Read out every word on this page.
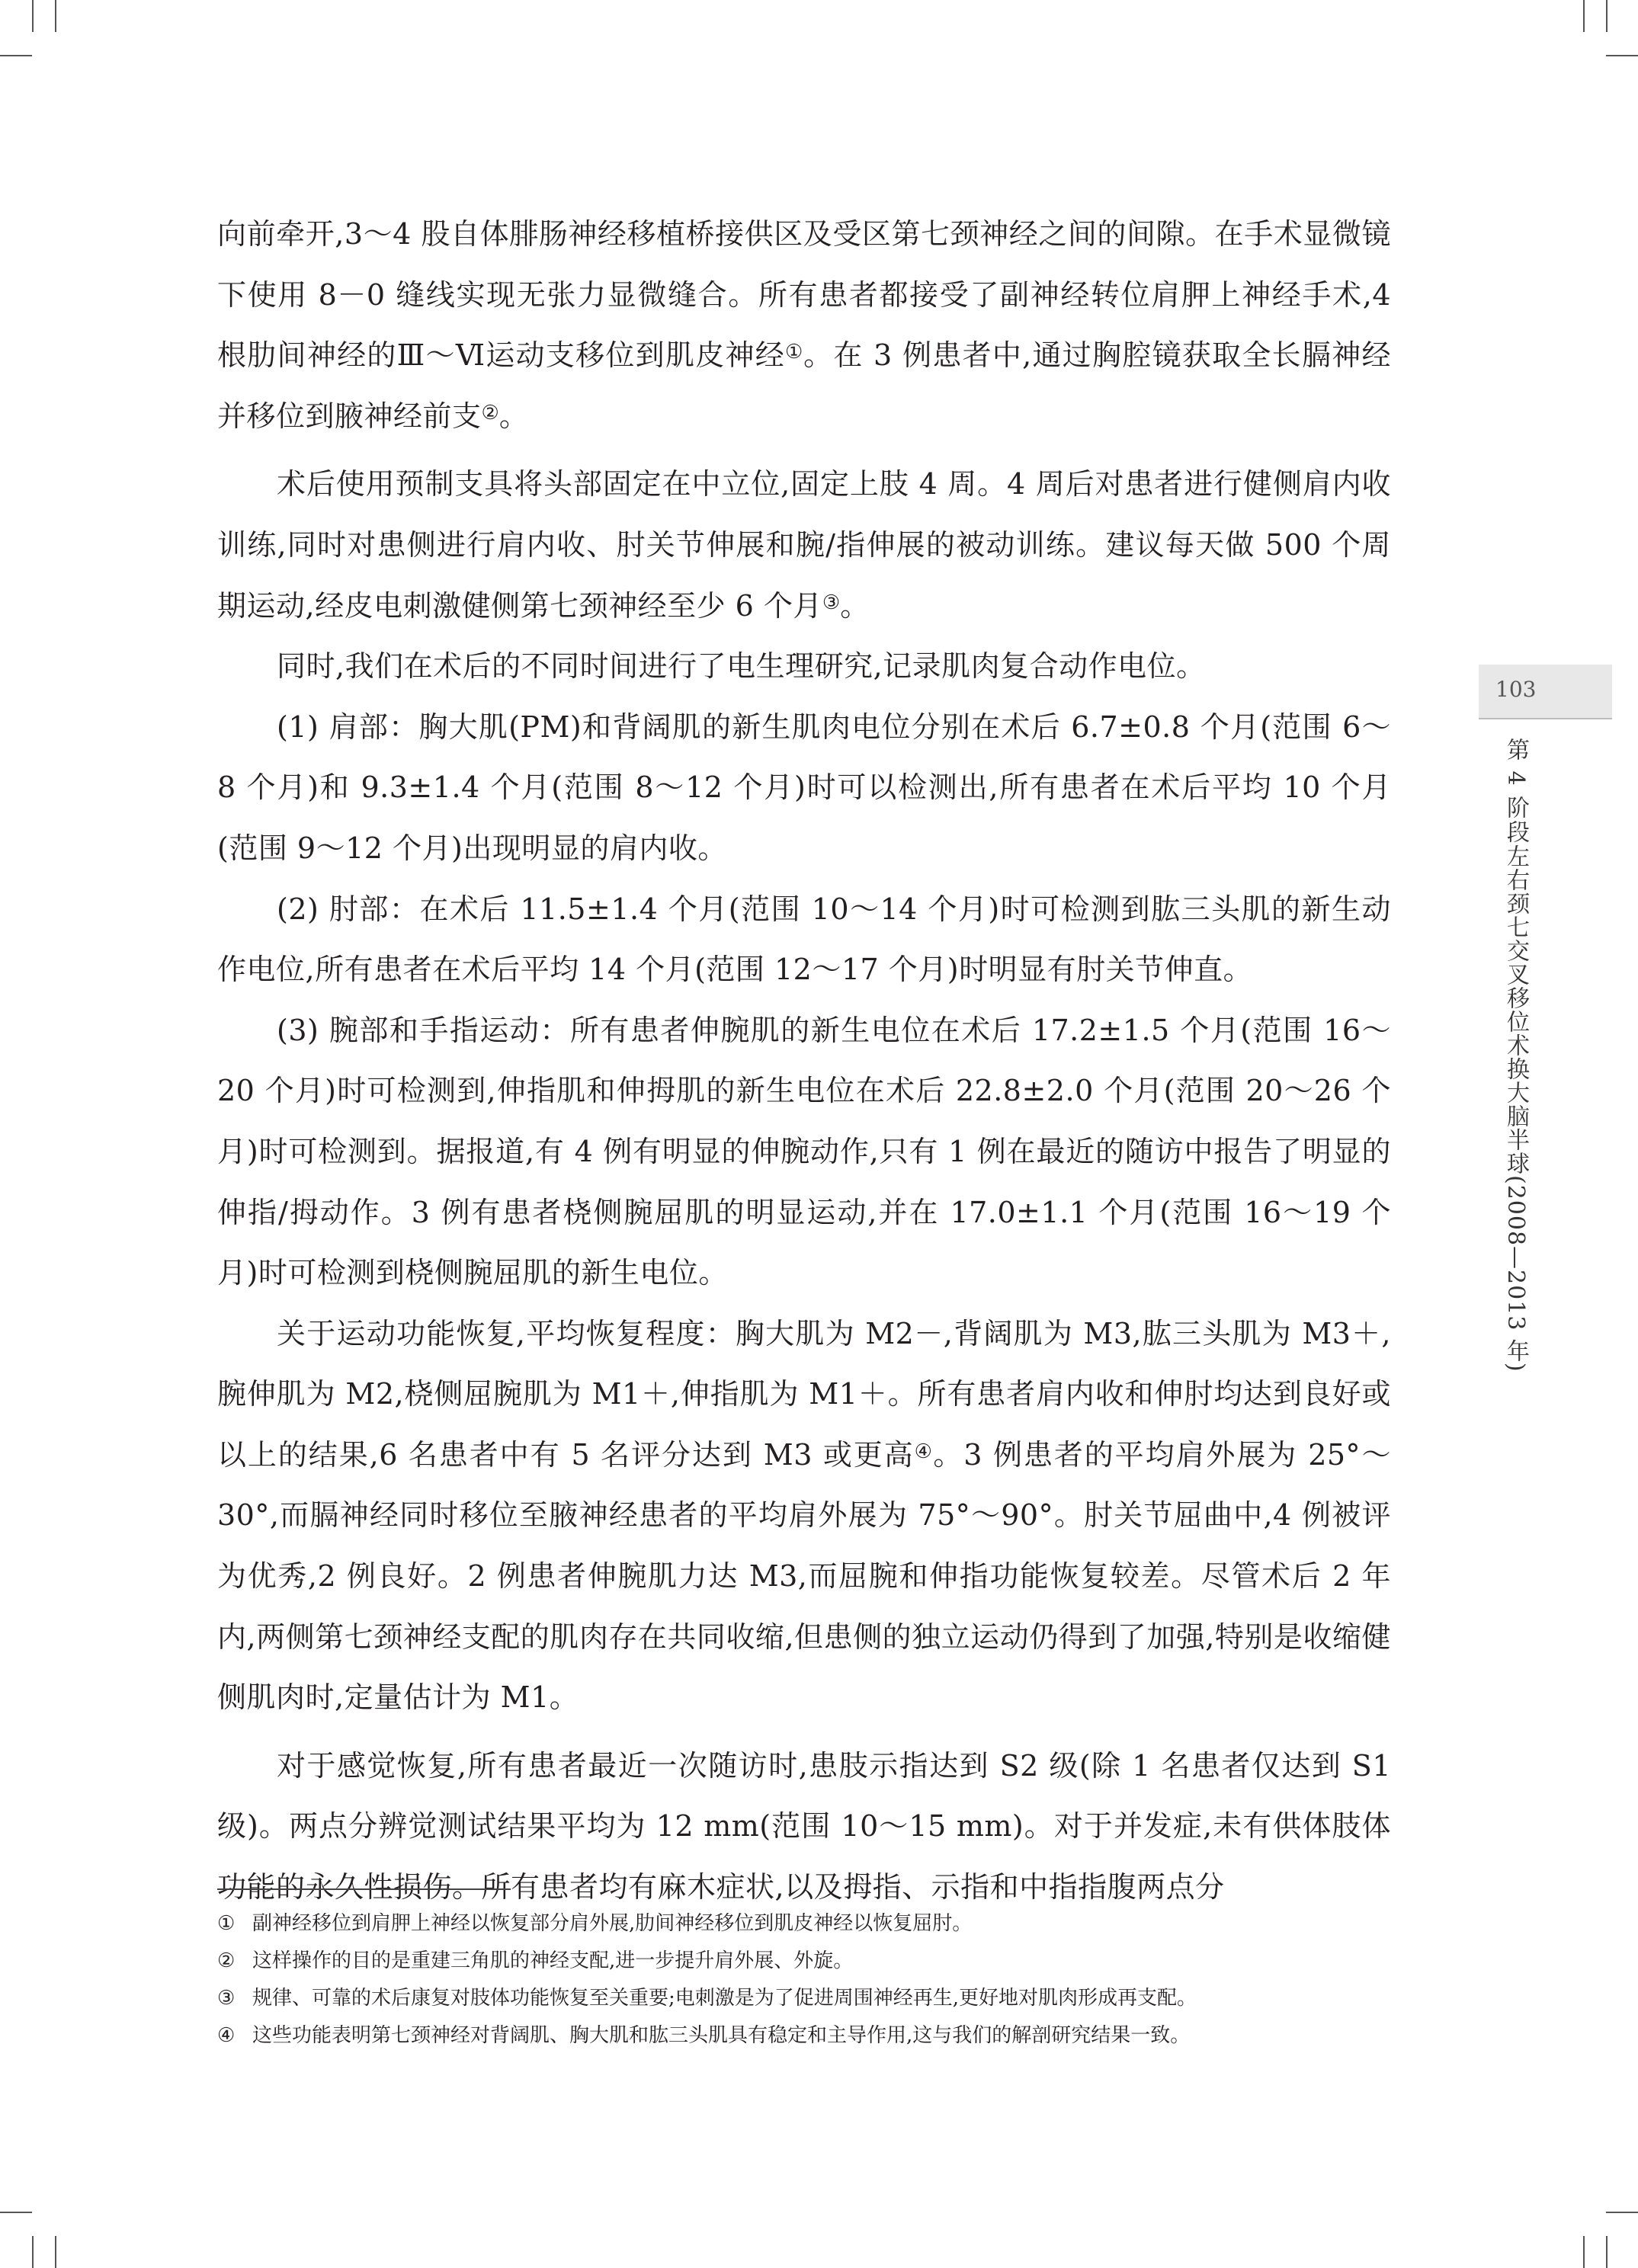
103
第 4 阶段
左右颈七交叉移位术换大脑半球(2008—2013 年)

向前牵开,3～4 股自体腓肠神经移植桥接供区及受区第七颈神经之间的间隙。在手术显微镜下使用 8－0 缝线实现无张力显微缝合。所有患者都接受了副神经转位肩胛上神经手术,4 根肋间神经的Ⅲ～Ⅵ运动支移位到肌皮神经①。在 3 例患者中,通过胸腔镜获取全长膈神经并移位到腋神经前支②。

术后使用预制支具将头部固定在中立位,固定上肢 4 周。4 周后对患者进行健侧肩内收训练,同时对患侧进行肩内收、肘关节伸展和腕/指伸展的被动训练。建议每天做 500 个周期运动,经皮电刺激健侧第七颈神经至少 6 个月③。

同时,我们在术后的不同时间进行了电生理研究,记录肌肉复合动作电位。

(1) 肩部：胸大肌(PM)和背阔肌的新生肌肉电位分别在术后 6.7±0.8 个月(范围 6～8 个月)和 9.3±1.4 个月(范围 8～12 个月)时可以检测出,所有患者在术后平均 10 个月(范围 9～12 个月)出现明显的肩内收。

(2) 肘部：在术后 11.5±1.4 个月(范围 10～14 个月)时可检测到肱三头肌的新生动作电位,所有患者在术后平均 14 个月(范围 12～17 个月)时明显有肘关节伸直。

(3) 腕部和手指运动：所有患者伸腕肌的新生电位在术后 17.2±1.5 个月(范围 16～20 个月)时可检测到,伸指肌和伸拇肌的新生电位在术后 22.8±2.0 个月(范围 20～26 个月)时可检测到。据报道,有 4 例有明显的伸腕动作,只有 1 例在最近的随访中报告了明显的伸指/拇动作。3 例有患者桡侧腕屈肌的明显运动,并在 17.0±1.1 个月(范围 16～19 个月)时可检测到桡侧腕屈肌的新生电位。

关于运动功能恢复,平均恢复程度：胸大肌为 M2－,背阔肌为 M3,肱三头肌为 M3＋,腕伸肌为 M2,桡侧屈腕肌为 M1＋,伸指肌为 M1＋。所有患者肩内收和伸肘均达到良好或以上的结果,6 名患者中有 5 名评分达到 M3 或更高④。3 例患者的平均肩外展为 25°～30°,而膈神经同时移位至腋神经患者的平均肩外展为 75°～90°。肘关节屈曲中,4 例被评为优秀,2 例良好。2 例患者伸腕肌力达 M3,而屈腕和伸指功能恢复较差。尽管术后 2 年内,两侧第七颈神经支配的肌肉存在共同收缩,但患侧的独立运动仍得到了加强,特别是收缩健侧肌肉时,定量估计为 M1。

对于感觉恢复,所有患者最近一次随访时,患肢示指达到 S2 级(除 1 名患者仅达到 S1 级)。两点分辨觉测试结果平均为 12 mm(范围 10～15 mm)。对于并发症,未有供体肢体功能的永久性损伤。所有患者均有麻木症状,以及拇指、示指和中指指腹两点分

① 副神经移位到肩胛上神经以恢复部分肩外展,肋间神经移位到肌皮神经以恢复屈肘。

② 这样操作的目的是重建三角肌的神经支配,进一步提升肩外展、外旋。

③ 规律、可靠的术后康复对肢体功能恢复至关重要;电刺激是为了促进周围神经再生,更好地对肌肉形成再支配。

④ 这些功能表明第七颈神经对背阔肌、胸大肌和肱三头肌具有稳定和主导作用,这与我们的解剖研究结果一致。
